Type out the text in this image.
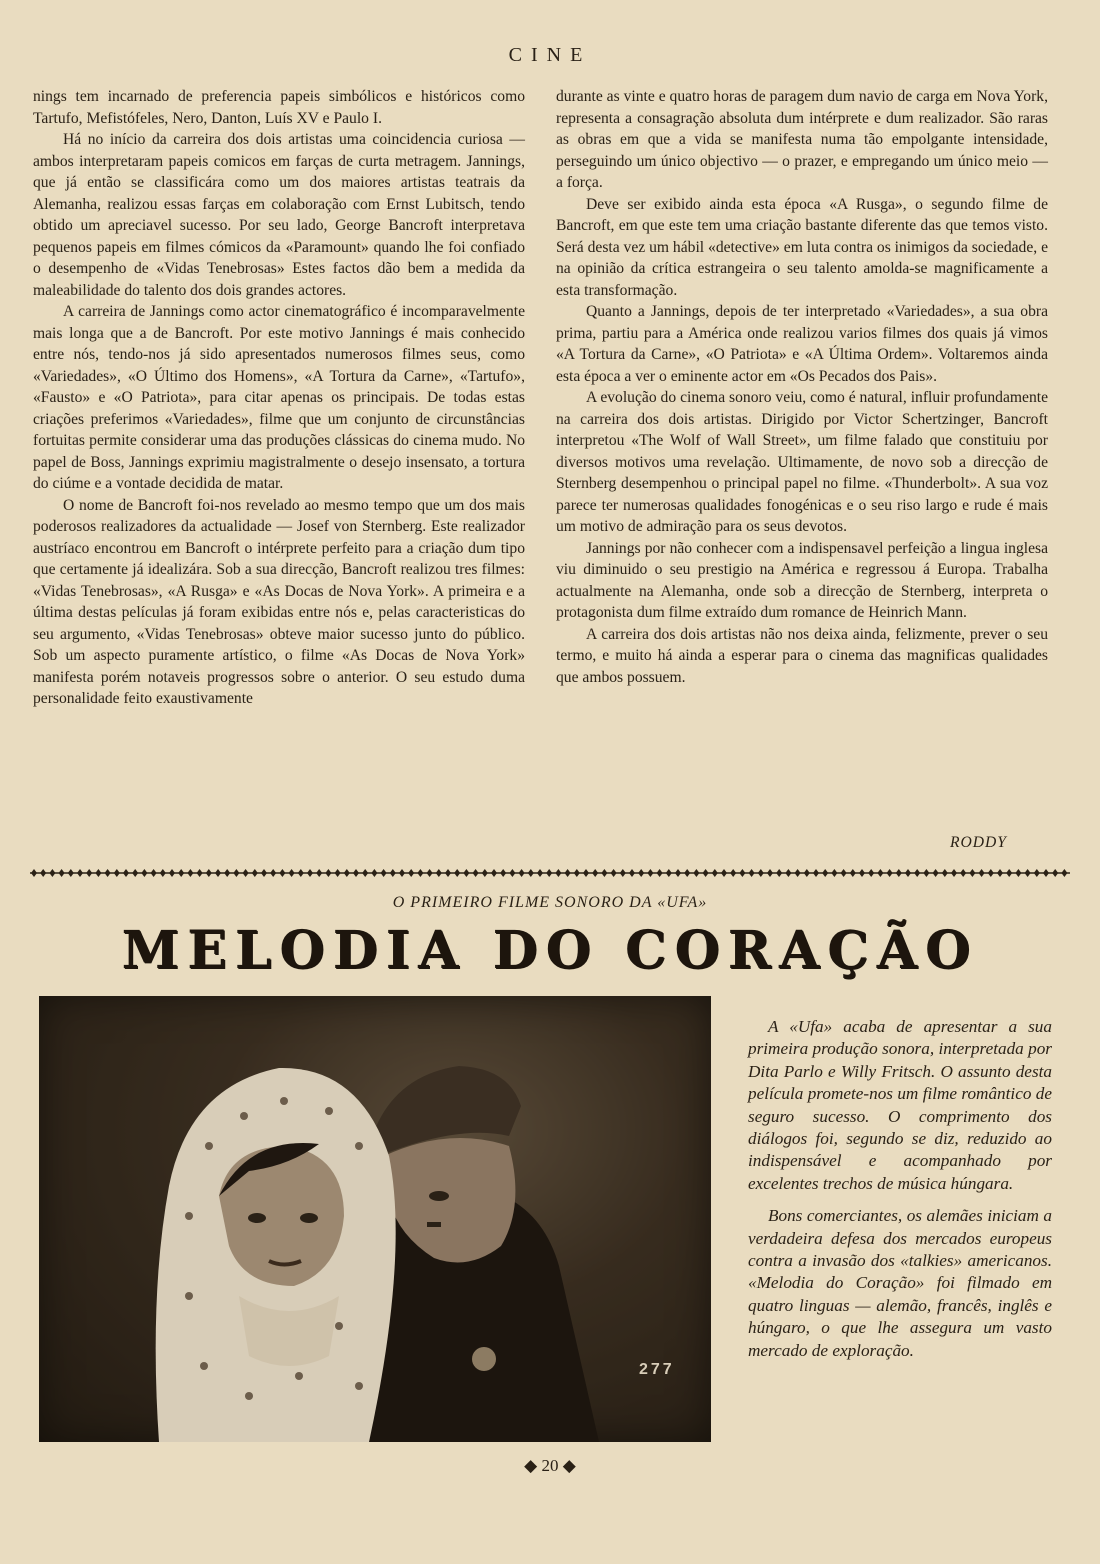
CINE

nings tem incarnado de preferencia papeis simbólicos e históricos como Tartufo, Mefistófeles, Nero, Danton, Luís XV e Paulo I.

Há no início da carreira dos dois artistas uma coincidencia curiosa — ambos interpretaram papeis comicos em farças de curta metragem. Jannings, que já então se classificára como um dos maiores artistas teatrais da Alemanha, realizou essas farças em colaboração com Ernst Lubitsch, tendo obtido um apreciavel sucesso. Por seu lado, George Bancroft interpretava pequenos papeis em filmes cómicos da «Paramount» quando lhe foi confiado o desempenho de «Vidas Tenebrosas» Estes factos dão bem a medida da maleabilidade do talento dos dois grandes actores.

A carreira de Jannings como actor cinematográfico é incomparavelmente mais longa que a de Bancroft. Por este motivo Jannings é mais conhecido entre nós, tendo-nos já sido apresentados numerosos filmes seus, como «Variedades», «O Último dos Homens», «A Tortura da Carne», «Tartufo», «Fausto» e «O Patriota», para citar apenas os principais. De todas estas criações preferimos «Variedades», filme que um conjunto de circunstâncias fortuitas permite considerar uma das produções clássicas do cinema mudo. No papel de Boss, Jannings exprimiu magistralmente o desejo insensato, a tortura do ciúme e a vontade decidida de matar.

O nome de Bancroft foi-nos revelado ao mesmo tempo que um dos mais poderosos realizadores da actualidade — Josef von Sternberg. Este realizador austríaco encontrou em Bancroft o intérprete perfeito para a criação dum tipo que certamente já idealizára. Sob a sua direcção, Bancroft realizou tres filmes: «Vidas Tenebrosas», «A Rusga» e «As Docas de Nova York». A primeira e a última destas películas já foram exibidas entre nós e, pelas caracteristicas do seu argumento, «Vidas Tenebrosas» obteve maior sucesso junto do público. Sob um aspecto puramente artístico, o filme «As Docas de Nova York» manifesta porém notaveis progressos sobre o anterior. O seu estudo duma personalidade feito exaustivamente

durante as vinte e quatro horas de paragem dum navio de carga em Nova York, representa a consagração absoluta dum intérprete e dum realizador. São raras as obras em que a vida se manifesta numa tão empolgante intensidade, perseguindo um único objectivo — o prazer, e empregando um único meio — a força.

Deve ser exibido ainda esta época «A Rusga», o segundo filme de Bancroft, em que este tem uma criação bastante diferente das que temos visto. Será desta vez um hábil «detective» em luta contra os inimigos da sociedade, e na opinião da crítica estrangeira o seu talento amolda-se magnificamente a esta transformação.

Quanto a Jannings, depois de ter interpretado «Variedades», a sua obra prima, partiu para a América onde realizou varios filmes dos quais já vimos «A Tortura da Carne», «O Patriota» e «A Última Ordem». Voltaremos ainda esta época a ver o eminente actor em «Os Pecados dos Pais».

A evolução do cinema sonoro veiu, como é natural, influir profundamente na carreira dos dois artistas. Dirigido por Victor Schertzinger, Bancroft interpretou «The Wolf of Wall Street», um filme falado que constituiu por diversos motivos uma revelação. Ultimamente, de novo sob a direcção de Sternberg desempenhou o principal papel no filme. «Thunderbolt». A sua voz parece ter numerosas qualidades fonogénicas e o seu riso largo e rude é mais um motivo de admiração para os seus devotos.

Jannings por não conhecer com a indispensavel perfeição a lingua inglesa viu diminuido o seu prestigio na América e regressou á Europa. Trabalha actualmente na Alemanha, onde sob a direcção de Sternberg, interpreta o protagonista dum filme extraído dum romance de Heinrich Mann.

A carreira dos dois artistas não nos deixa ainda, felizmente, prever o seu termo, e muito há ainda a esperar para o cinema das magnificas qualidades que ambos possuem.

RODDY
O PRIMEIRO FILME SONORO DA «UFA»
MELODIA DO CORAÇÃO
277

A «Ufa» acaba de apresentar a sua primeira produção sonora, interpretada por Dita Parlo e Willy Fritsch. O assunto desta película promete-nos um filme romântico de seguro sucesso. O comprimento dos diálogos foi, segundo se diz, reduzido ao indispensável e acompanhado por excelentes trechos de música húngara.

Bons comerciantes, os alemães iniciam a verdadeira defesa dos mercados europeus contra a invasão dos «talkies» americanos. «Melodia do Coração» foi filmado em quatro linguas — alemão, francês, inglês e húngaro, o que lhe assegura um vasto mercado de exploração.

◆ 20 ◆
